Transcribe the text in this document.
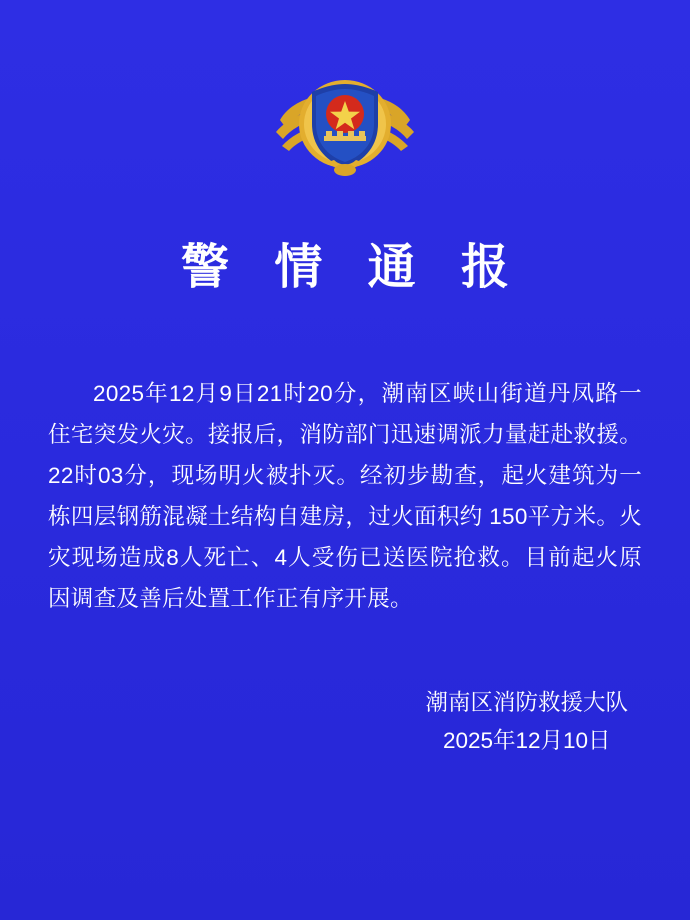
警 情 通 报
2025年12月9日21时20分，潮南区峡山街道丹凤路一住宅突发火灾。接报后，消防部门迅速调派力量赶赴救援。22时03分，现场明火被扑灭。经初步勘查，起火建筑为一栋四层钢筋混凝土结构自建房，过火面积约 150平方米。火灾现场造成8人死亡、4人受伤已送医院抢救。目前起火原因调查及善后处置工作正有序开展。
潮南区消防救援大队
2025年12月10日
